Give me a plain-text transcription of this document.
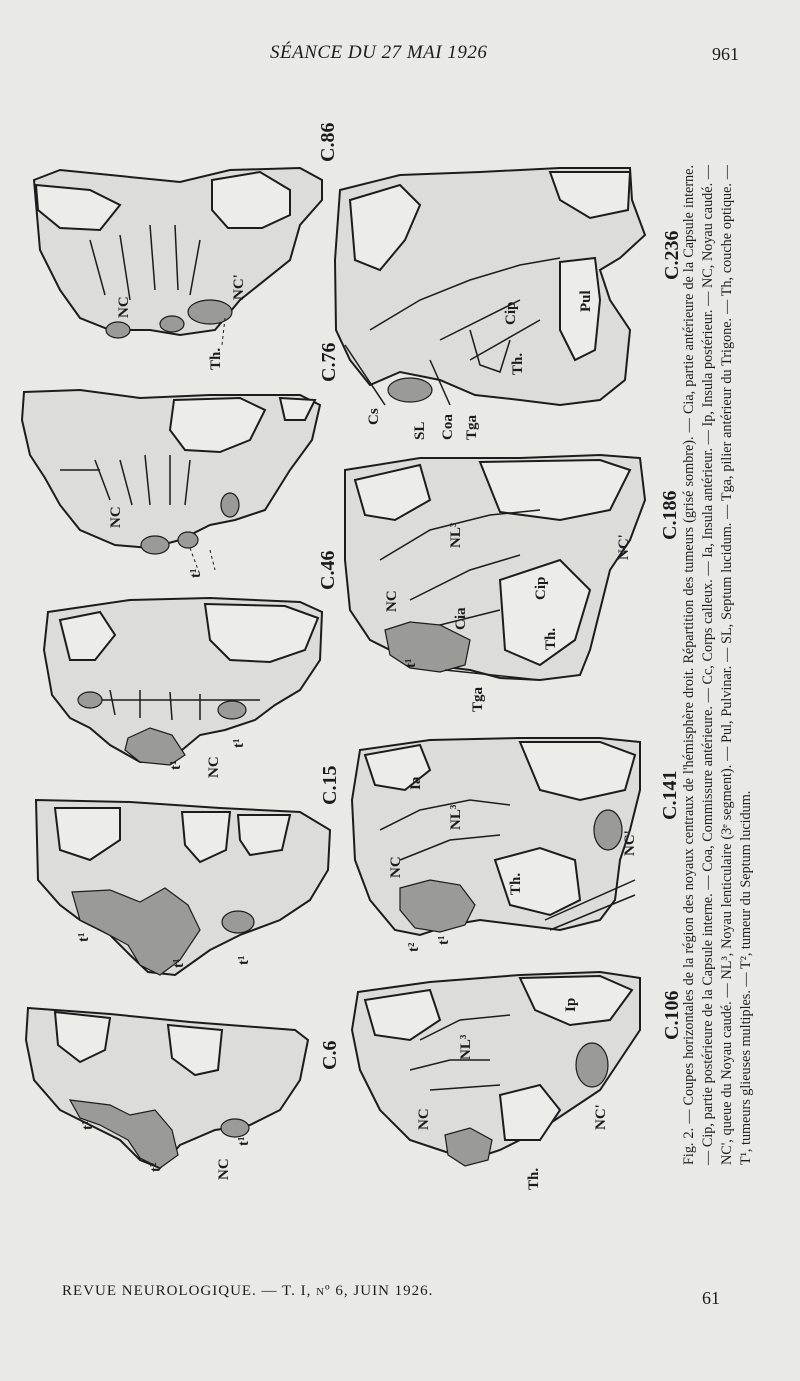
SÉANCE DU 27 MAI 1926	961
NC
NC'
Th.
C.86
NC
t¹
C.76
NC
t¹
t¹
C.46
t¹
t¹	t¹
C.15
t¹
t²	NC
t¹
C.6
Cs
SL Coa Tga
Cip
Th.
Pul
C.236
NL³
NC
Cia
t¹
Cip
Th.
NC'
Tga
C.186
Ia
NL³
NC
Th.
NC'
t²
t¹
C.141
Ip
NL³
NC
Th.
NC'
C.106

Fig. 2. — Coupes horizontales de la région des noyaux centraux de l'hémisphère droit. Répartition des tumeurs (grisé sombre). — Cia, partie antérieure de la Capsule interne. — Cip, partie postérieure de la Capsule interne. — Coa, Commissure antérieure. — Cc, Corps calleux. — Ia, Insula antérieur. — Ip, Insula postérieur. — NC, Noyau caudé. — NC', queue du Noyau caudé. — NL³, Noyau lenticulaire (3ᵉ segment). — Pul, Pulvinar. — SL, Septum lucidum. — Tga, pilier antérieur du Trigone. — Th, couche optique. — T¹, tumeurs glieuses multiples. — T², tumeur du Septum lucidum.

REVUE NEUROLOGIQUE. — T. I, nº 6, JUIN 1926.	61
